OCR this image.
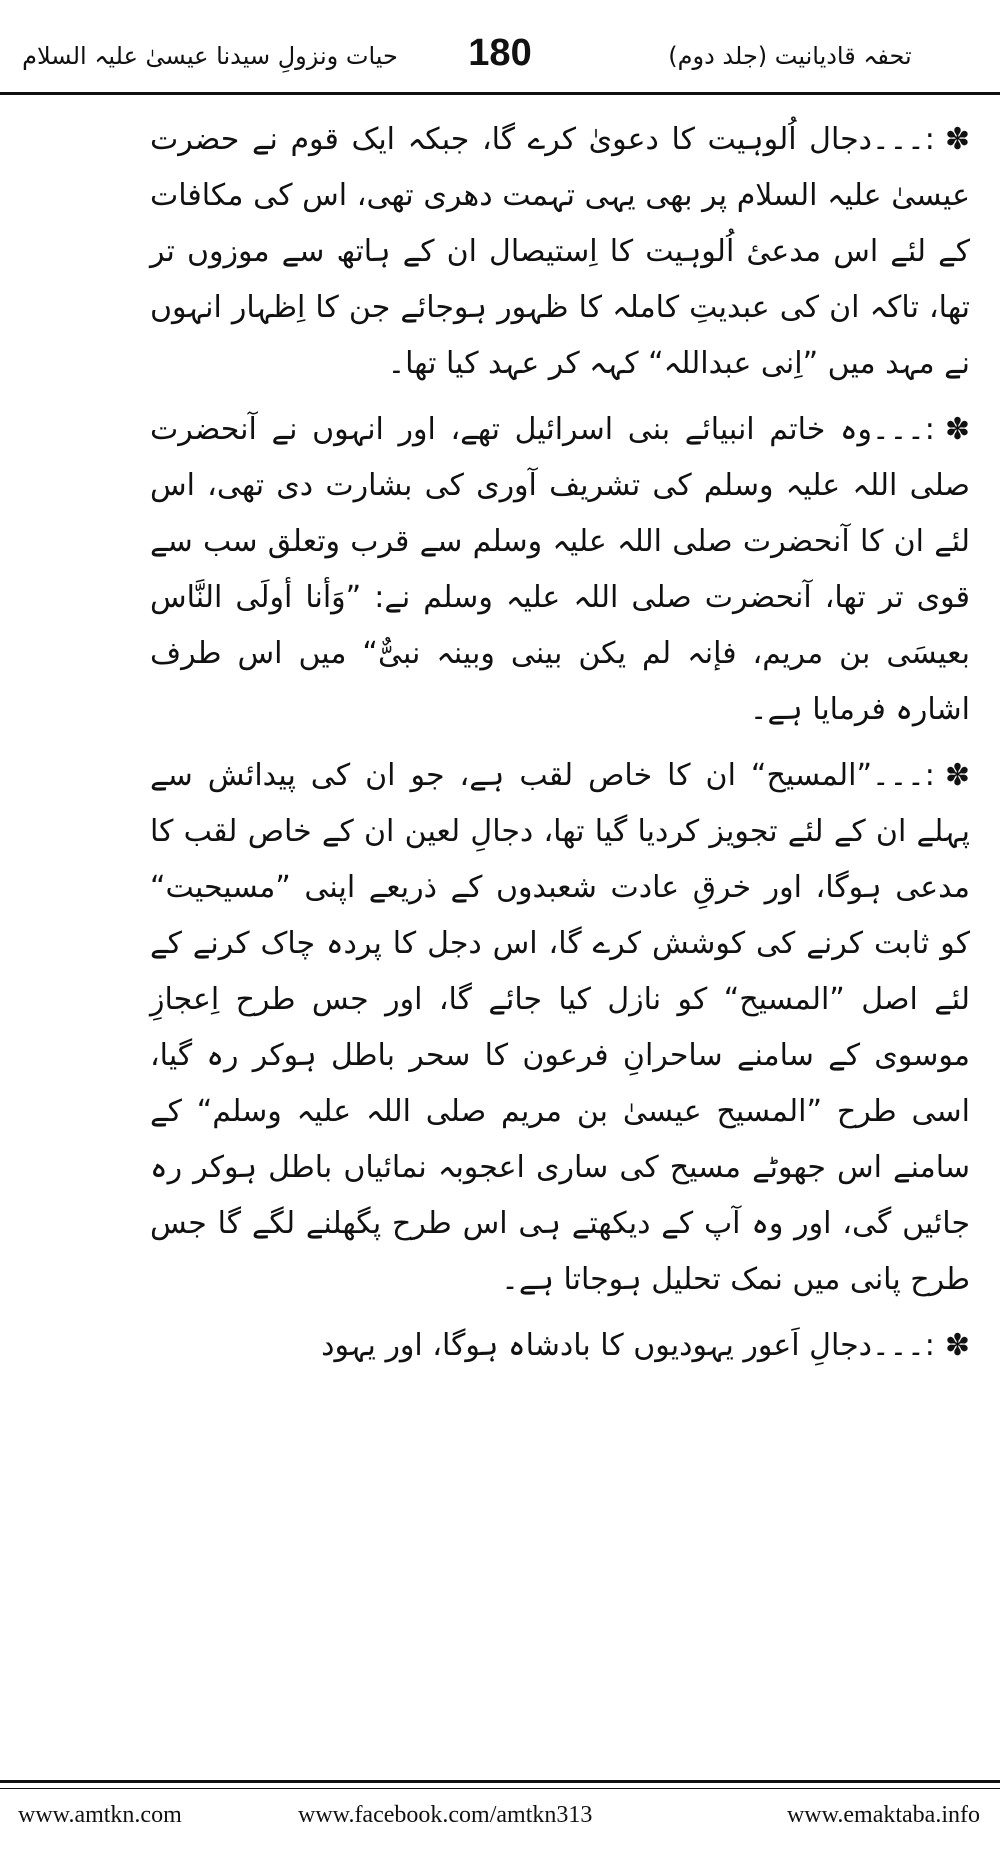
حیات ونزولِ سیدنا عیسیٰ علیہ السلام	180	تحفہ قادیانیت (جلد دوم)

✽:۔۔۔دجال اُلوہیت کا دعویٰ کرے گا، جبکہ ایک قوم نے حضرت عیسیٰ علیہ السلام پر بھی یہی تہمت دھری تھی، اس کی مکافات کے لئے اس مدعیٔ اُلوہیت کا اِستیصال ان کے ہاتھ سے موزوں تر تھا، تاکہ ان کی عبدیتِ کاملہ کا ظہور ہوجائے جن کا اِظہار انہوں نے مہد میں ”اِنی عبداللہ“ کہہ کر عہد کیا تھا۔

✽:۔۔۔وہ خاتم انبیائے بنی اسرائیل تھے، اور انہوں نے آنحضرت صلی اللہ علیہ وسلم کی تشریف آوری کی بشارت دی تھی، اس لئے ان کا آنحضرت صلی اللہ علیہ وسلم سے قرب وتعلق سب سے قوی تر تھا، آنحضرت صلی اللہ علیہ وسلم نے: ”وَأنا أولَی النَّاس بعیسَی بن مریم، فإنہ لم یکن بینی وبینہ نبیٌّ“ میں اس طرف اشارہ فرمایا ہے۔

✽:۔۔۔”المسیح“ ان کا خاص لقب ہے، جو ان کی پیدائش سے پہلے ان کے لئے تجویز کردیا گیا تھا، دجالِ لعین ان کے خاص لقب کا مدعی ہوگا، اور خرقِ عادت شعبدوں کے ذریعے اپنی ”مسیحیت“ کو ثابت کرنے کی کوشش کرے گا، اس دجل کا پردہ چاک کرنے کے لئے اصل ”المسیح“ کو نازل کیا جائے گا، اور جس طرح اِعجازِ موسوی کے سامنے ساحرانِ فرعون کا سحر باطل ہوکر رہ گیا، اسی طرح ”المسیح عیسیٰ بن مریم صلی اللہ علیہ وسلم“ کے سامنے اس جھوٹے مسیح کی ساری اعجوبہ نمائیاں باطل ہوکر رہ جائیں گی، اور وہ آپ کے دیکھتے ہی اس طرح پگھلنے لگے گا جس طرح پانی میں نمک تحلیل ہوجاتا ہے۔

✽:۔۔۔دجالِ اَعور یہودیوں کا بادشاہ ہوگا، اور یہود

www.amtkn.com	www.facebook.com/amtkn313	www.emaktaba.info
